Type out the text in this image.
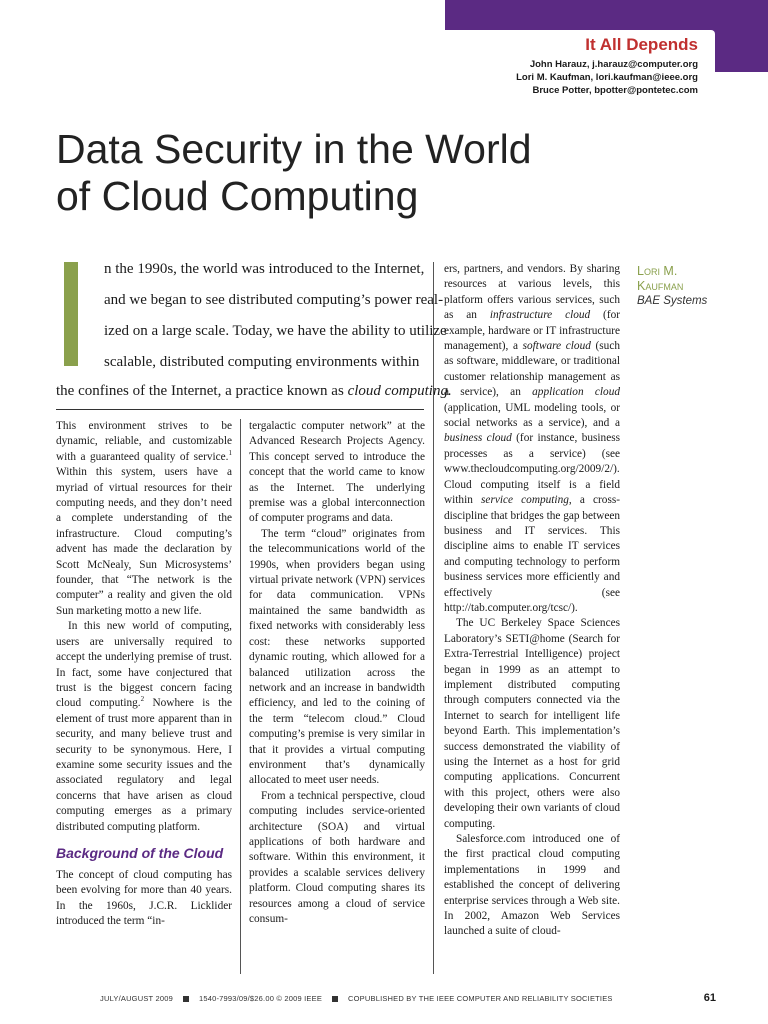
It All Depends
John Harauz, j.harauz@computer.org
Lori M. Kaufman, lori.kaufman@ieee.org
Bruce Potter, bpotter@pontetec.com
Data Security in the World
of Cloud Computing
n the 1990s, the world was introduced to the Internet,
and we began to see distributed computing’s power real-
ized on a large scale. Today, we have the ability to utilize
scalable, distributed computing environments within
the confines of the Internet, a practice known as cloud computing.

This environment strives to be dynamic, reliable, and customizable with a guaranteed quality of service.$^1$ Within this system, users have a myriad of virtual resources for their computing needs, and they don’t need a complete understanding of the infrastructure. Cloud computing’s advent has made the declaration by Scott McNealy, Sun Microsystems’ founder, that “The network is the computer” a reality and given the old Sun marketing motto a new life.

In this new world of computing, users are universally required to accept the underlying premise of trust. In fact, some have conjectured that trust is the biggest concern facing cloud computing.$^2$ Nowhere is the element of trust more apparent than in security, and many believe trust and security to be synonymous. Here, I examine some security issues and the associated regulatory and legal concerns that have arisen as cloud computing emerges as a primary distributed computing platform.

Background of the Cloud

The concept of cloud computing has been evolving for more than 40 years. In the 1960s, J.C.R. Licklider introduced the term “in-

tergalactic computer network” at the Advanced Research Projects Agency. This concept served to introduce the concept that the world came to know as the Internet. The underlying premise was a global interconnection of computer programs and data.

The term “cloud” originates from the telecommunications world of the 1990s, when providers began using virtual private network (VPN) services for data communication. VPNs maintained the same bandwidth as fixed networks with considerably less cost: these networks supported dynamic routing, which allowed for a balanced utilization across the network and an increase in bandwidth efficiency, and led to the coining of the term “telecom cloud.” Cloud computing’s premise is very similar in that it provides a virtual computing environment that’s dynamically allocated to meet user needs.

From a technical perspective, cloud computing includes service-oriented architecture (SOA) and virtual applications of both hardware and software. Within this environment, it provides a scalable services delivery platform. Cloud computing shares its resources among a cloud of service consum-

ers, partners, and vendors. By sharing resources at various levels, this platform offers various services, such as an infrastructure cloud (for example, hardware or IT infrastructure management), a software cloud (such as software, middleware, or traditional customer relationship management as a service), an application cloud (application, UML modeling tools, or social networks as a service), and a business cloud (for instance, business processes as a service) (see www.thecloudcomputing.org/2009/2/). Cloud computing itself is a field within service computing, a cross-discipline that bridges the gap between business and IT services. This discipline aims to enable IT services and computing technology to perform business services more efficiently and effectively (see http://tab.computer.org/tcsc/).

The UC Berkeley Space Sciences Laboratory’s SETI@home (Search for Extra-Terrestrial Intelligence) project began in 1999 as an attempt to implement distributed computing through computers connected via the Internet to search for intelligent life beyond Earth. This implementation’s success demonstrated the viability of using the Internet as a host for grid computing applications. Concurrent with this project, others were also developing their own variants of cloud computing.

Salesforce.com introduced one of the first practical cloud computing implementations in 1999 and established the concept of delivering enterprise services through a Web site. In 2002, Amazon Web Services launched a suite of cloud-

Lori M. Kaufman
BAE Systems
JULY/AUGUST 2009	1540-7993/09/$26.00 © 2009 IEEE	COPUBLISHED BY THE IEEE COMPUTER AND RELIABILITY SOCIETIES	61
